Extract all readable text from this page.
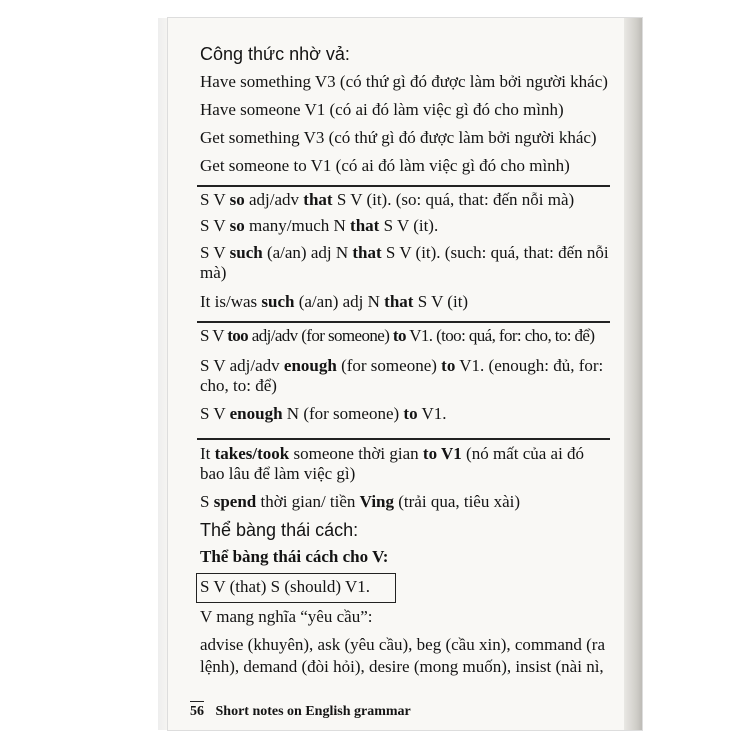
Công thức nhờ vả:
Have something V3 (có thứ gì đó được làm bởi người khác)
Have someone V1 (có ai đó làm việc gì đó cho mình)
Get something V3 (có thứ gì đó được làm bởi người khác)
Get someone to V1 (có ai đó làm việc gì đó cho mình)
S V so adj/adv that S V (it). (so: quá, that: đến nỗi mà)
S V so many/much N that S V (it).
S V such (a/an) adj N that S V (it). (such: quá, that: đến nỗi mà)
It is/was such (a/an) adj N that S V (it)
S V too adj/adv (for someone) to V1. (too: quá, for: cho, to: để)
S V adj/adv enough (for someone) to V1. (enough: đủ, for: cho, to: để)
S V enough N (for someone) to V1.
It takes/took someone thời gian to V1 (nó mất của ai đó bao lâu để làm việc gì)
S spend thời gian/ tiền Ving (trải qua, tiêu xài)
Thể bàng thái cách:
Thể bàng thái cách cho V:
S V (that) S (should) V1.
V mang nghĩa “yêu cầu”:
advise (khuyên), ask (yêu cầu), beg (cầu xin), command (ra lệnh), demand (đòi hỏi), desire (mong muốn), insist (nài nì,
56 Short notes on English grammar
